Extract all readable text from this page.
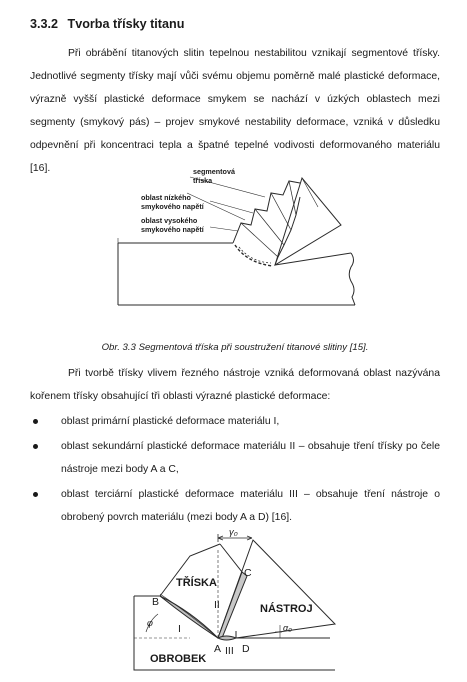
3.3.2 Tvorba třísky titanu

Při obrábění titanových slitin tepelnou nestabilitou vznikají segmentové třísky. Jednotlivé segmenty třísky mají vůči svému objemu poměrně malé plastické deformace, výrazně vyšší plastické deformace smykem se nachází v úzkých oblastech mezi segmenty (smykový pás) – projev smykové nestability deformace, vzniká v důsledku odpevnění při koncentraci tepla a špatné tepelné vodivosti deformovaného materiálu [16].	segmentová
tříska
oblast nízkého
smykového napětí
oblast vysokého
smykového napětí
Obr. 3.3 Segmentová tříska při soustružení titanové slitiny [15].

Při tvorbě třísky vlivem řezného nástroje vzniká deformovaná oblast nazývána kořenem třísky obsahující tři oblasti výrazné plastické deformace:

oblast primární plastické deformace materiálu I,
oblast sekundární plastické deformace materiálu II – obsahuje tření třísky po čele nástroje mezi body A a C,
oblast terciární plastické deformace materiálu III – obsahuje tření nástroje o obrobený povrch materiálu (mezi body A a D) [16].
γ₀
TŘÍSKA
NÁSTROJ
OBROBEK
α₀
φ
B
C
A D
I
II
III
